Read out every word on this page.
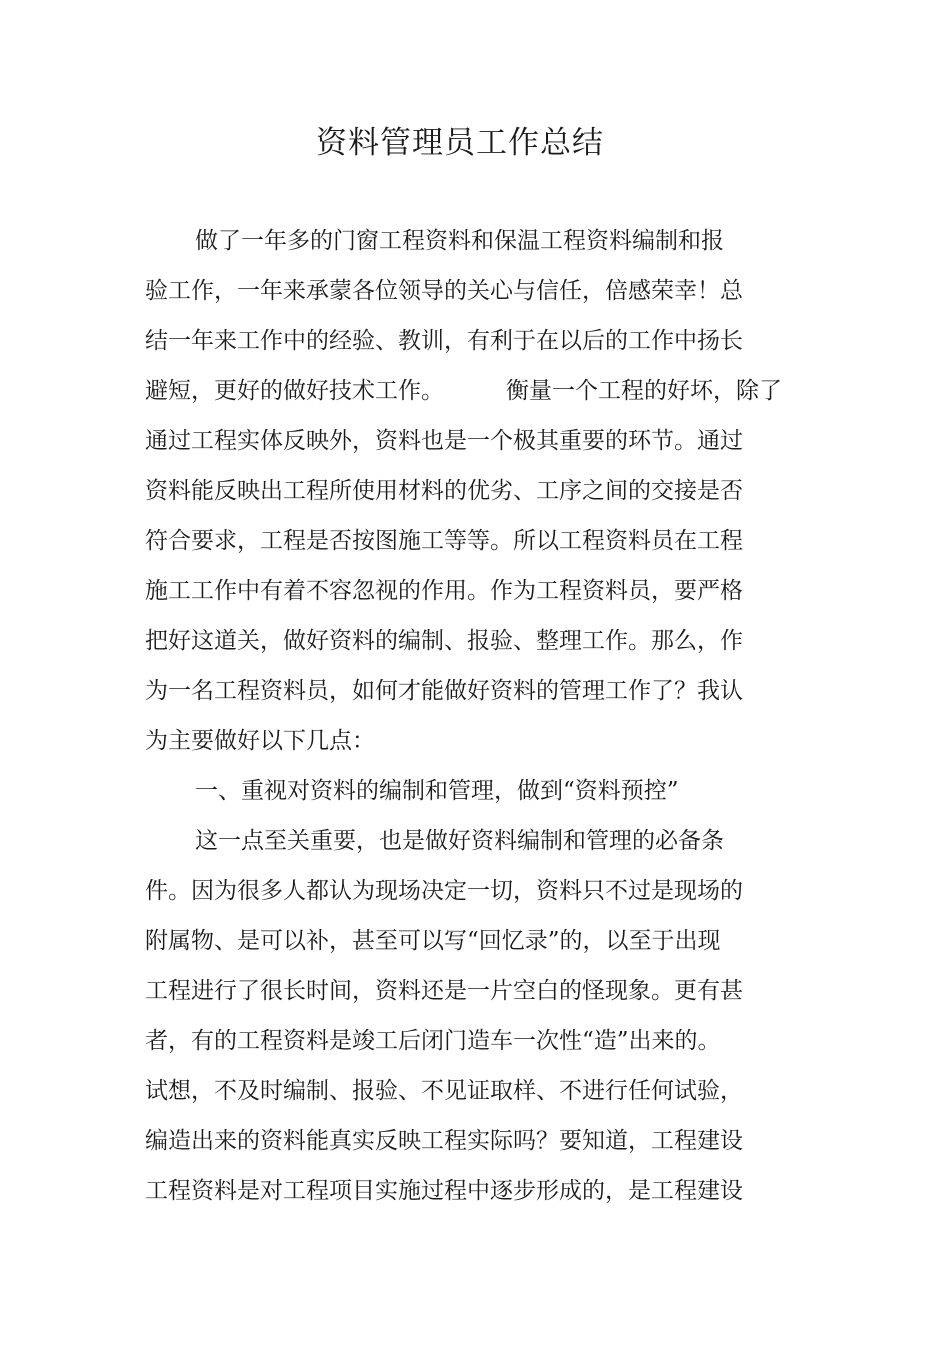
资料管理员工作总结
做了一年多的门窗工程资料和保温工程资料编制和报
验工作，一年来承蒙各位领导的关心与信任，倍感荣幸！总
结一年来工作中的经验、教训，有利于在以后的工作中扬长
避短，更好的做好技术工作。	衡量一个工程的好坏，除了
通过工程实体反映外，资料也是一个极其重要的环节。通过
资料能反映出工程所使用材料的优劣、工序之间的交接是否
符合要求，工程是否按图施工等等。所以工程资料员在工程
施工工作中有着不容忽视的作用。作为工程资料员，要严格
把好这道关，做好资料的编制、报验、整理工作。那么，作
为一名工程资料员，如何才能做好资料的管理工作了？我认
为主要做好以下几点：
一、重视对资料的编制和管理，做到“资料预控”
这一点至关重要，也是做好资料编制和管理的必备条
件。因为很多人都认为现场决定一切，资料只不过是现场的
附属物、是可以补，甚至可以写“回忆录”的，以至于出现
工程进行了很长时间，资料还是一片空白的怪现象。更有甚
者，有的工程资料是竣工后闭门造车一次性“造”出来的。
试想，不及时编制、报验、不见证取样、不进行任何试验，
编造出来的资料能真实反映工程实际吗？要知道，工程建设
工程资料是对工程项目实施过程中逐步形成的，是工程建设
